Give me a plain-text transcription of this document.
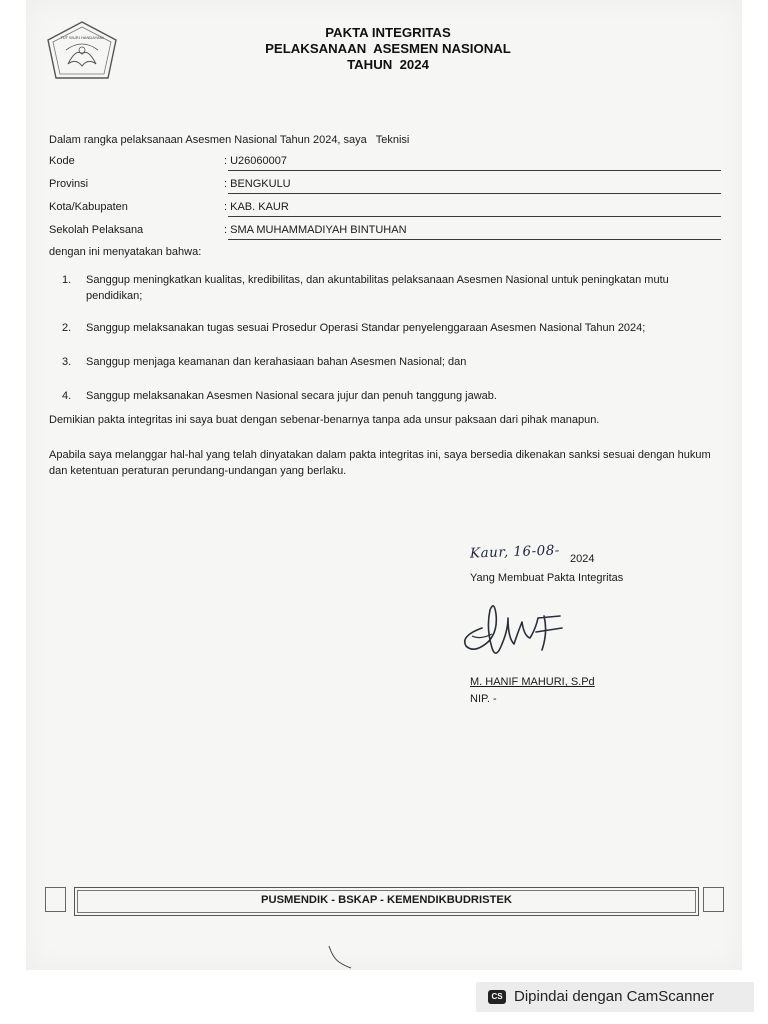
TUT WURI HANDAYANI	PAKTA INTEGRITAS
PELAKSANAAN  ASESMEN NASIONAL
TAHUN  2024
Dalam rangka pelaksanaan Asesmen Nasional Tahun 2024, saya   Teknisi
Kode	: U26060007
Provinsi	: BENGKULU
Kota/Kabupaten	: KAB. KAUR
Sekolah Pelaksana	: SMA MUHAMMADIYAH BINTUHAN
dengan ini menyatakan bahwa:
1.	Sanggup meningkatkan kualitas, kredibilitas, dan akuntabilitas pelaksanaan Asesmen Nasional untuk peningkatan mutu pendidikan;
2.	Sanggup melaksanakan tugas sesuai Prosedur Operasi Standar penyelenggaraan Asesmen Nasional Tahun 2024;
3.	Sanggup menjaga keamanan dan kerahasiaan bahan Asesmen Nasional; dan
4.	Sanggup melaksanakan Asesmen Nasional secara jujur dan penuh tanggung jawab.
Demikian pakta integritas ini saya buat dengan sebenar-benarnya tanpa ada unsur paksaan dari pihak manapun.
Apabila saya melanggar hal-hal yang telah dinyatakan dalam pakta integritas ini, saya bersedia dikenakan sanksi sesuai dengan hukum dan ketentuan peraturan perundang-undangan yang berlaku.
Kaur, 16-08- 2024
Yang Membuat Pakta Integritas
M. HANIF MAHURI, S.Pd
NIP. -
PUSMENDIK - BSKAP - KEMENDIKBUDRISTEK
CS Dipindai dengan CamScanner
